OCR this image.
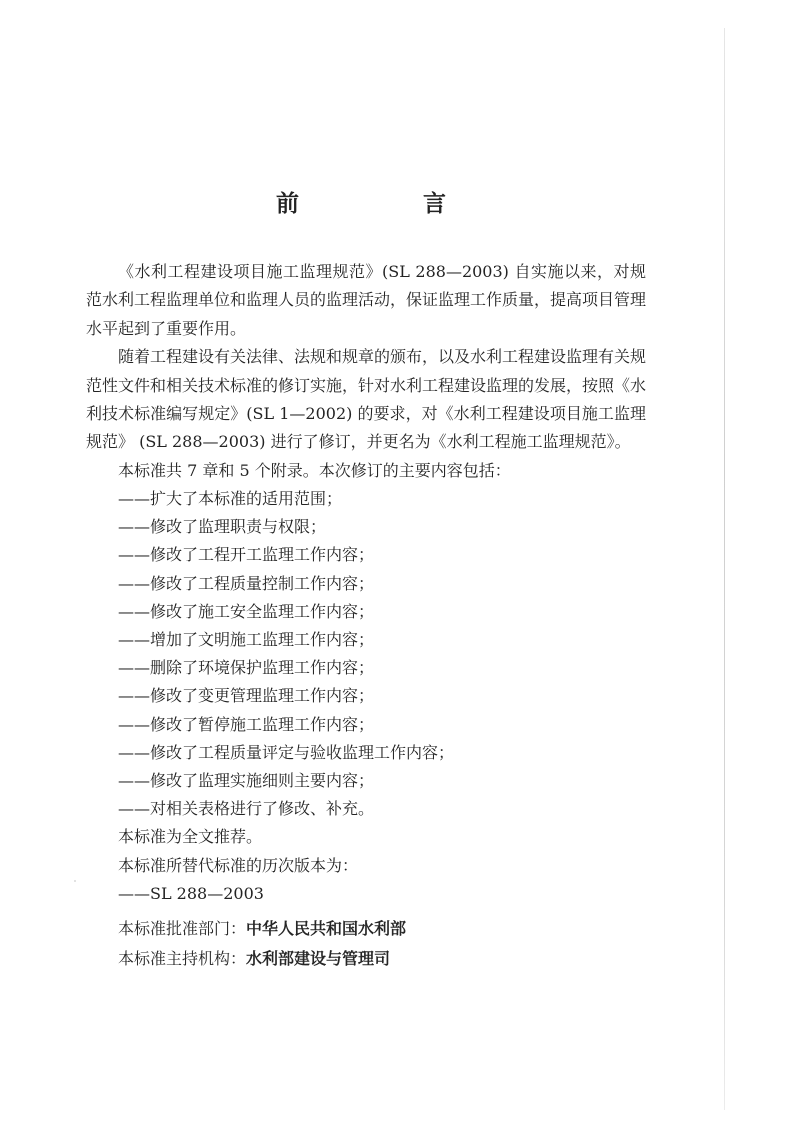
前 言

《水利工程建设项目施工监理规范》(SL 288—2003) 自实施以来，对规范水利工程监理单位和监理人员的监理活动，保证监理工作质量，提高项目管理水平起到了重要作用。

随着工程建设有关法律、法规和规章的颁布，以及水利工程建设监理有关规范性文件和相关技术标准的修订实施，针对水利工程建设监理的发展，按照《水利技术标准编写规定》(SL 1—2002) 的要求，对《水利工程建设项目施工监理规范》 (SL 288—2003) 进行了修订，并更名为《水利工程施工监理规范》。

本标准共 7 章和 5 个附录。本次修订的主要内容包括：

——扩大了本标准的适用范围；

——修改了监理职责与权限；

——修改了工程开工监理工作内容；

——修改了工程质量控制工作内容；

——修改了施工安全监理工作内容；

——增加了文明施工监理工作内容；

——删除了环境保护监理工作内容；

——修改了变更管理监理工作内容；

——修改了暂停施工监理工作内容；

——修改了工程质量评定与验收监理工作内容；

——修改了监理实施细则主要内容；

——对相关表格进行了修改、补充。

本标准为全文推荐。

本标准所替代标准的历次版本为：

——SL 288—2003

本标准批准部门：中华人民共和国水利部

本标准主持机构：水利部建设与管理司
